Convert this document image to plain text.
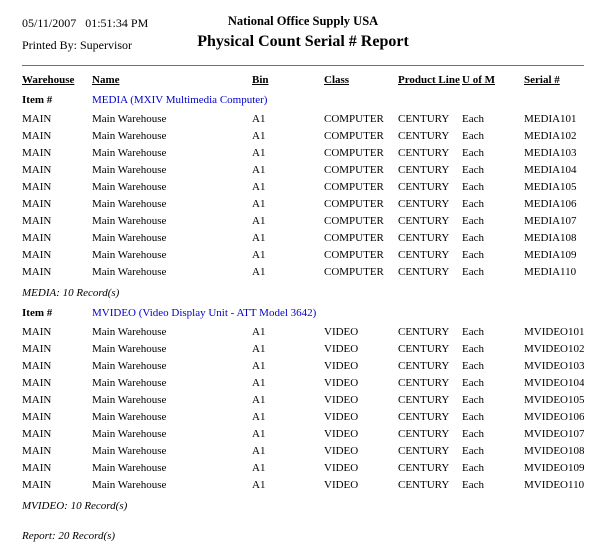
05/11/2007   01:51:34 PM
Printed By: Supervisor
National Office Supply USA
Physical Count Serial # Report
Warehouse	Name	Bin	Class	Product Line U of M	Serial #
Item #	MEDIA (MXIV Multimedia Computer)
MAIN	Main Warehouse	A1	COMPUTER	CENTURY	Each	MEDIA101
MAIN	Main Warehouse	A1	COMPUTER	CENTURY	Each	MEDIA102
MAIN	Main Warehouse	A1	COMPUTER	CENTURY	Each	MEDIA103
MAIN	Main Warehouse	A1	COMPUTER	CENTURY	Each	MEDIA104
MAIN	Main Warehouse	A1	COMPUTER	CENTURY	Each	MEDIA105
MAIN	Main Warehouse	A1	COMPUTER	CENTURY	Each	MEDIA106
MAIN	Main Warehouse	A1	COMPUTER	CENTURY	Each	MEDIA107
MAIN	Main Warehouse	A1	COMPUTER	CENTURY	Each	MEDIA108
MAIN	Main Warehouse	A1	COMPUTER	CENTURY	Each	MEDIA109
MAIN	Main Warehouse	A1	COMPUTER	CENTURY	Each	MEDIA110
MEDIA: 10 Record(s)
Item #	MVIDEO (Video Display Unit - ATT Model 3642)
MAIN	Main Warehouse	A1	VIDEO	CENTURY	Each	MVIDEO101
MAIN	Main Warehouse	A1	VIDEO	CENTURY	Each	MVIDEO102
MAIN	Main Warehouse	A1	VIDEO	CENTURY	Each	MVIDEO103
MAIN	Main Warehouse	A1	VIDEO	CENTURY	Each	MVIDEO104
MAIN	Main Warehouse	A1	VIDEO	CENTURY	Each	MVIDEO105
MAIN	Main Warehouse	A1	VIDEO	CENTURY	Each	MVIDEO106
MAIN	Main Warehouse	A1	VIDEO	CENTURY	Each	MVIDEO107
MAIN	Main Warehouse	A1	VIDEO	CENTURY	Each	MVIDEO108
MAIN	Main Warehouse	A1	VIDEO	CENTURY	Each	MVIDEO109
MAIN	Main Warehouse	A1	VIDEO	CENTURY	Each	MVIDEO110
MVIDEO: 10 Record(s)
Report: 20 Record(s)
